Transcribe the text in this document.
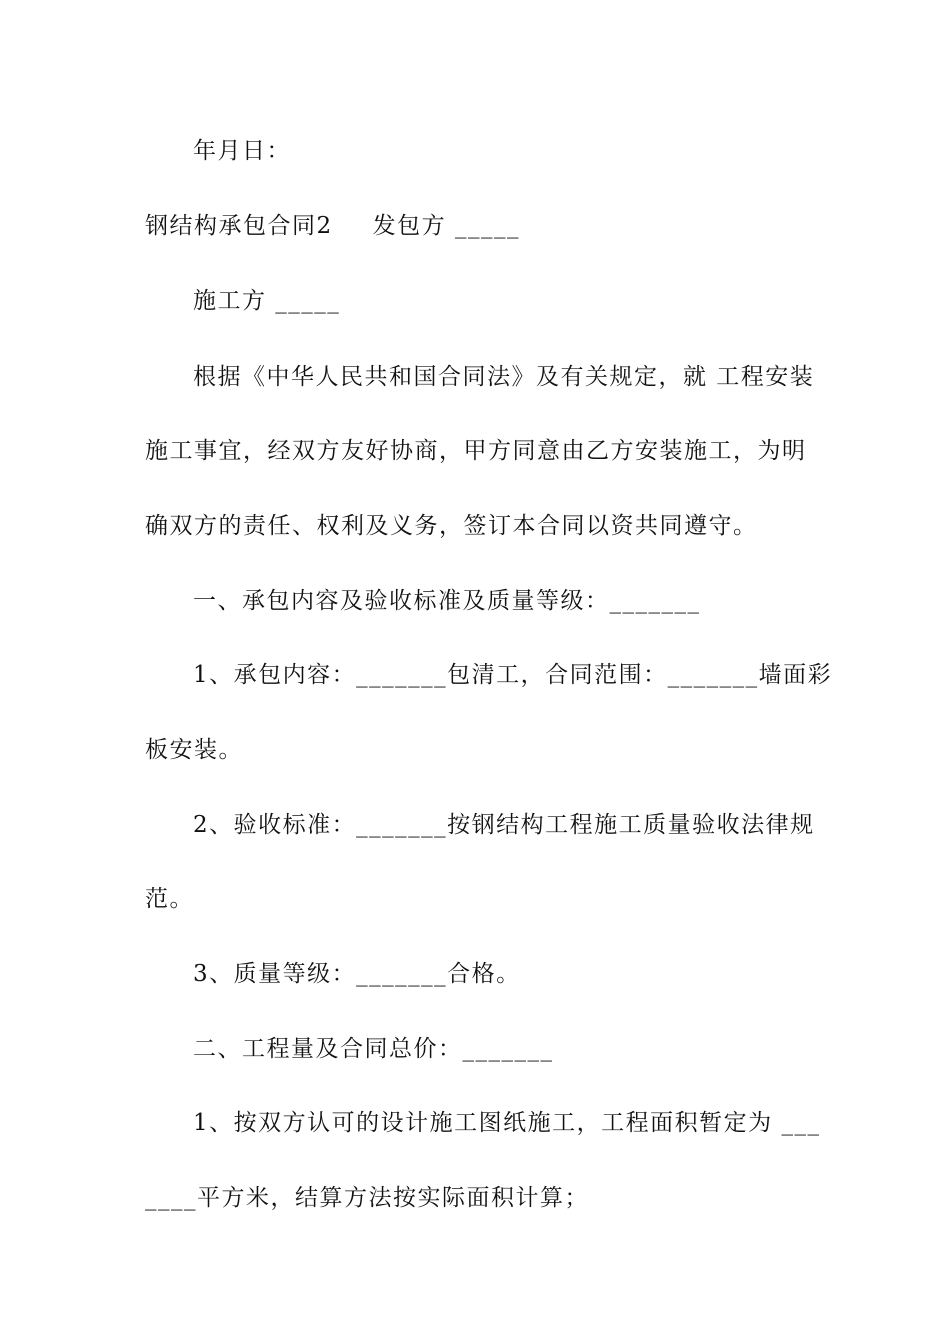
年月日：
钢结构承包合同2 发包方 _____
施工方 _____
根据《中华人民共和国合同法》及有关规定，就 工程安装
施工事宜，经双方友好协商，甲方同意由乙方安装施工，为明
确双方的责任、权利及义务，签订本合同以资共同遵守。
一、承包内容及验收标准及质量等级：_______
1、承包内容：_______包清工，合同范围：_______墙面彩
板安装。
2、验收标准：_______按钢结构工程施工质量验收法律规
范。
3、质量等级：_______合格。
二、工程量及合同总价：_______
1、按双方认可的设计施工图纸施工，工程面积暂定为 ___
____平方米，结算方法按实际面积计算；
